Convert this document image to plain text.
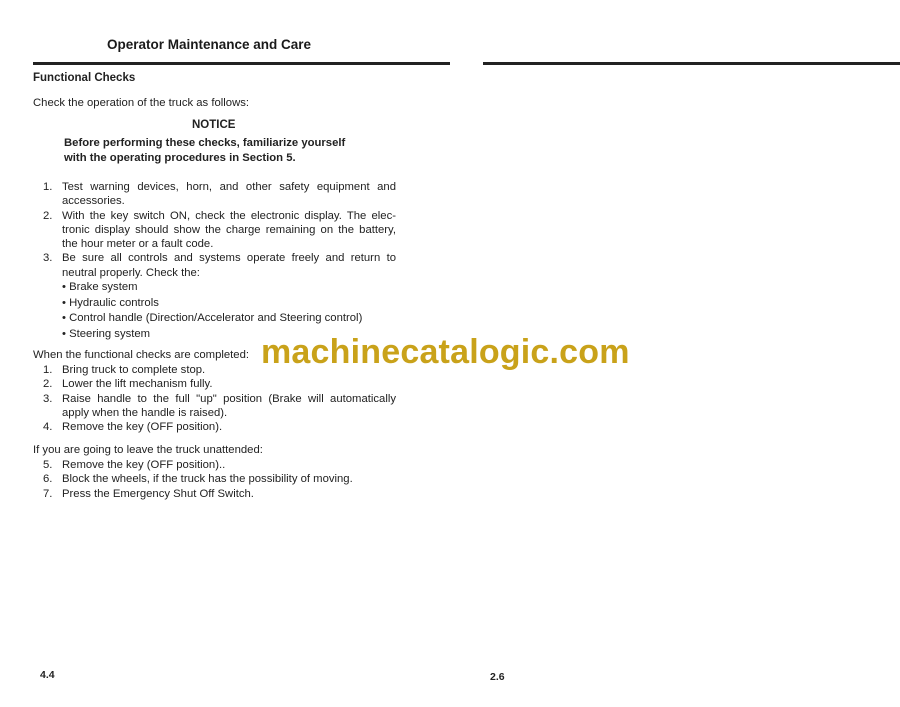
Operator Maintenance and Care
Functional Checks
Check the operation of the truck as follows:
NOTICE
Before performing these checks, familiarize yourself
with the operating procedures in Section 5.
1. Test warning devices, horn, and other safety equipment and accessories.
2. With the key switch ON, check the electronic display. The elec-tronic display should show the charge remaining on the battery, the hour meter or a fault code.
3. Be sure all controls and systems operate freely and return to neutral properly. Check the:
• Brake system
• Hydraulic controls
• Control handle (Direction/Accelerator and Steering control)
• Steering system
When the functional checks are completed:
1. Bring truck to complete stop.
2. Lower the lift mechanism fully.
3. Raise handle to the full "up" position (Brake will automatically apply when the handle is raised).
4. Remove the key (OFF position).
If you are going to leave the truck unattended:
5. Remove the key (OFF position)..
6. Block the wheels, if the truck has the possibility of moving.
7. Press the Emergency Shut Off Switch.
machinecatalogic.com
4.4	2.6
